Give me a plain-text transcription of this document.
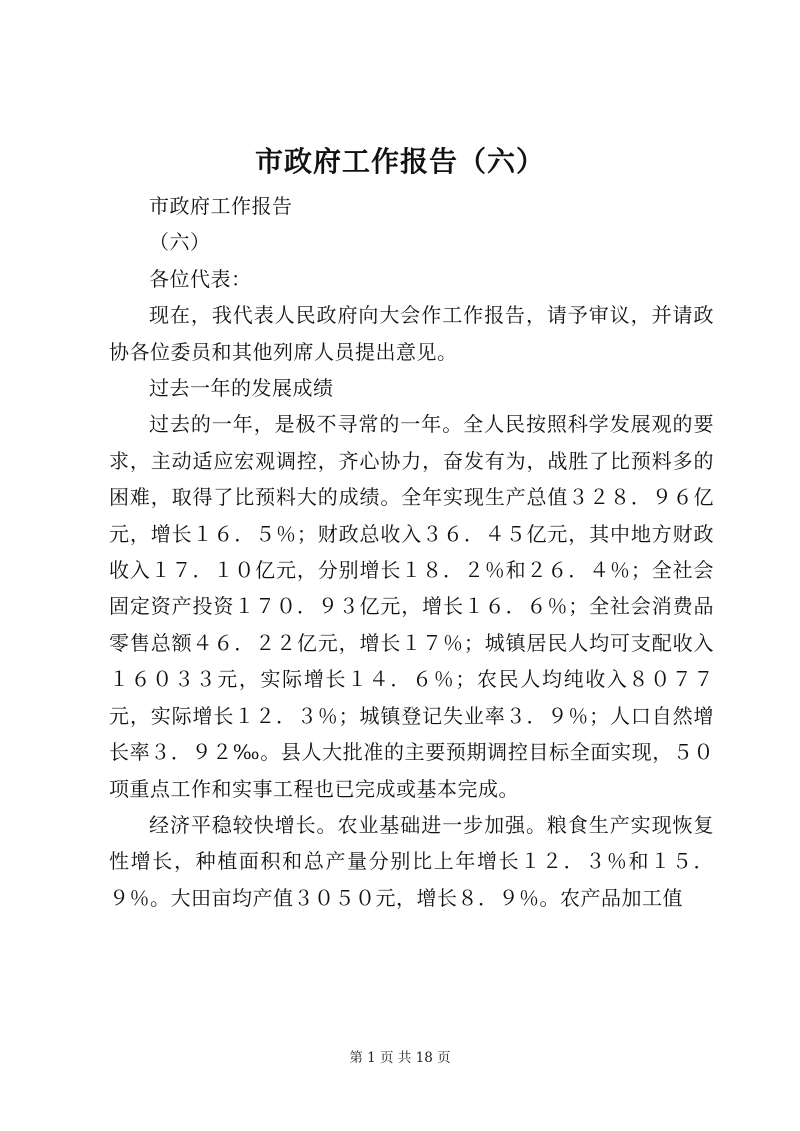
市政府工作报告（六）

市政府工作报告

（六）

各位代表：

现在，我代表人民政府向大会作工作报告，请予审议，并请政协各位委员和其他列席人员提出意见。

过去一年的发展成绩

过去的一年，是极不寻常的一年。全人民按照科学发展观的要求，主动适应宏观调控，齐心协力，奋发有为，战胜了比预料多的困难，取得了比预料大的成绩。全年实现生产总值３２８．９６亿元，增长１６．５％；财政总收入３６．４５亿元，其中地方财政收入１７．１０亿元，分别增长１８．２％和２６．４％；全社会固定资产投资１７０．９３亿元，增长１６．６％；全社会消费品零售总额４６．２２亿元，增长１７％；城镇居民人均可支配收入１６０３３元，实际增长１４．６％；农民人均纯收入８０７７元，实际增长１２．３％；城镇登记失业率３．９％；人口自然增长率３．９２‰。县人大批准的主要预期调控目标全面实现，５０项重点工作和实事工程也已完成或基本完成。

经济平稳较快增长。农业基础进一步加强。粮食生产实现恢复性增长，种植面积和总产量分别比上年增长１２．３％和１５．９％。大田亩均产值３０５０元，增长８．９％。农产品加工值

第 1 页 共 18 页
